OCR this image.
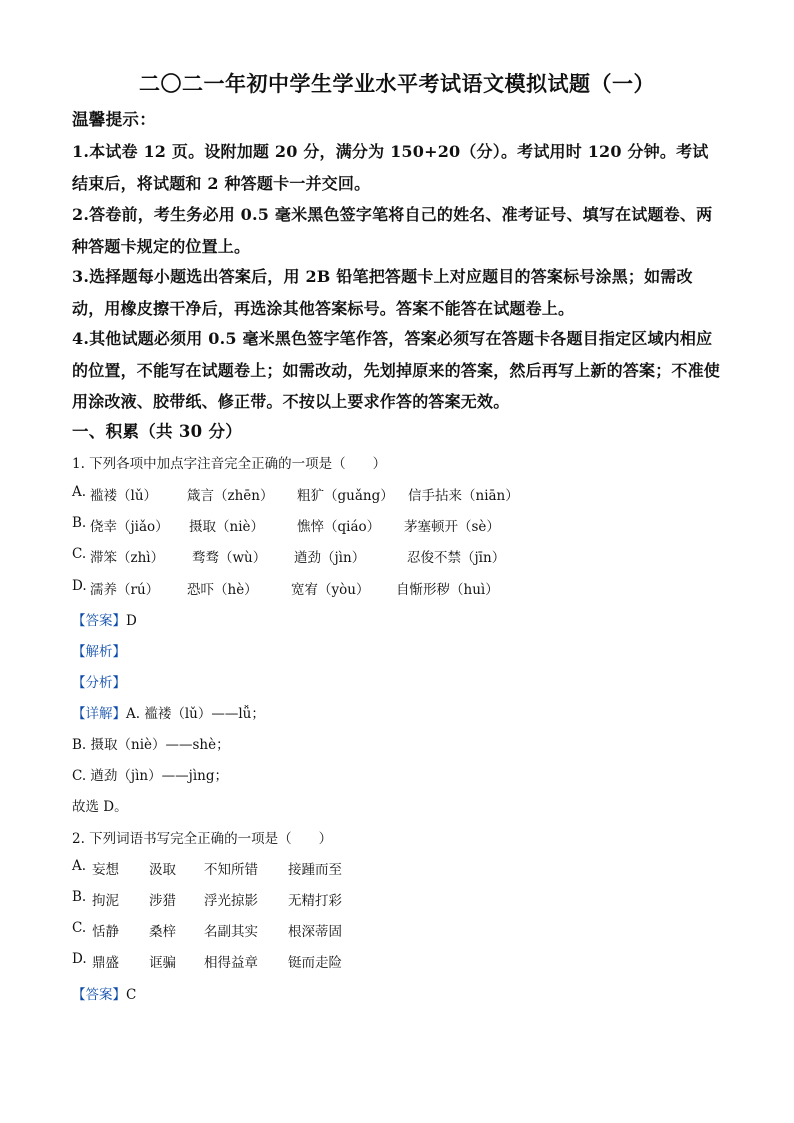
二〇二一年初中学生学业水平考试语文模拟试题（一）
温馨提示：
1.本试卷 12 页。设附加题 20 分，满分为 150+20（分）。考试用时 120 分钟。考试结束后，将试题和 2 种答题卡一并交回。
2.答卷前，考生务必用 0.5 毫米黑色签字笔将自己的姓名、准考证号、填写在试题卷、两种答题卡规定的位置上。
3.选择题每小题选出答案后，用 2B 铅笔把答题卡上对应题目的答案标号涂黑；如需改动，用橡皮擦干净后，再选涂其他答案标号。答案不能答在试题卷上。
4.其他试题必须用 0.5 毫米黑色签字笔作答，答案必须写在答题卡各题目指定区域内相应的位置，不能写在试题卷上；如需改动，先划掉原来的答案，然后再写上新的答案；不准使用涂改液、胶带纸、修正带。不按以上要求作答的答案无效。
一、积累（共 30 分）
1. 下列各项中加点字注音完全正确的一项是（　　）
A. 褴褛（lǔ） 箴言（zhēn） 粗犷（guǎng） 信手拈来（niān）
B. 侥幸（jiǎo） 摄取（niè） 憔悴（qiáo） 茅塞顿开（sè）
C. 滞笨（zhì） 骛骛（wù） 遒劲（jìn）	忍俊不禁（jīn）
D. 濡养（rú） 恐吓（hè） 宽宥（yòu） 自惭形秽（huì）
【答案】D
【解析】
【分析】
【详解】A. 褴褛（lǔ）——lǚ；
B. 摄取（niè）——shè；
C. 遒劲（jìn）——jìng；
故选 D。
2. 下列词语书写完全正确的一项是（　　）
A. 妄想 汲取 不知所错 接踵而至
B. 拘泥 涉猎 浮光掠影 无精打彩
C. 恬静 桑梓 名副其实 根深蒂固
D. 鼎盛 诓骗 相得益章 铤而走险
【答案】C
